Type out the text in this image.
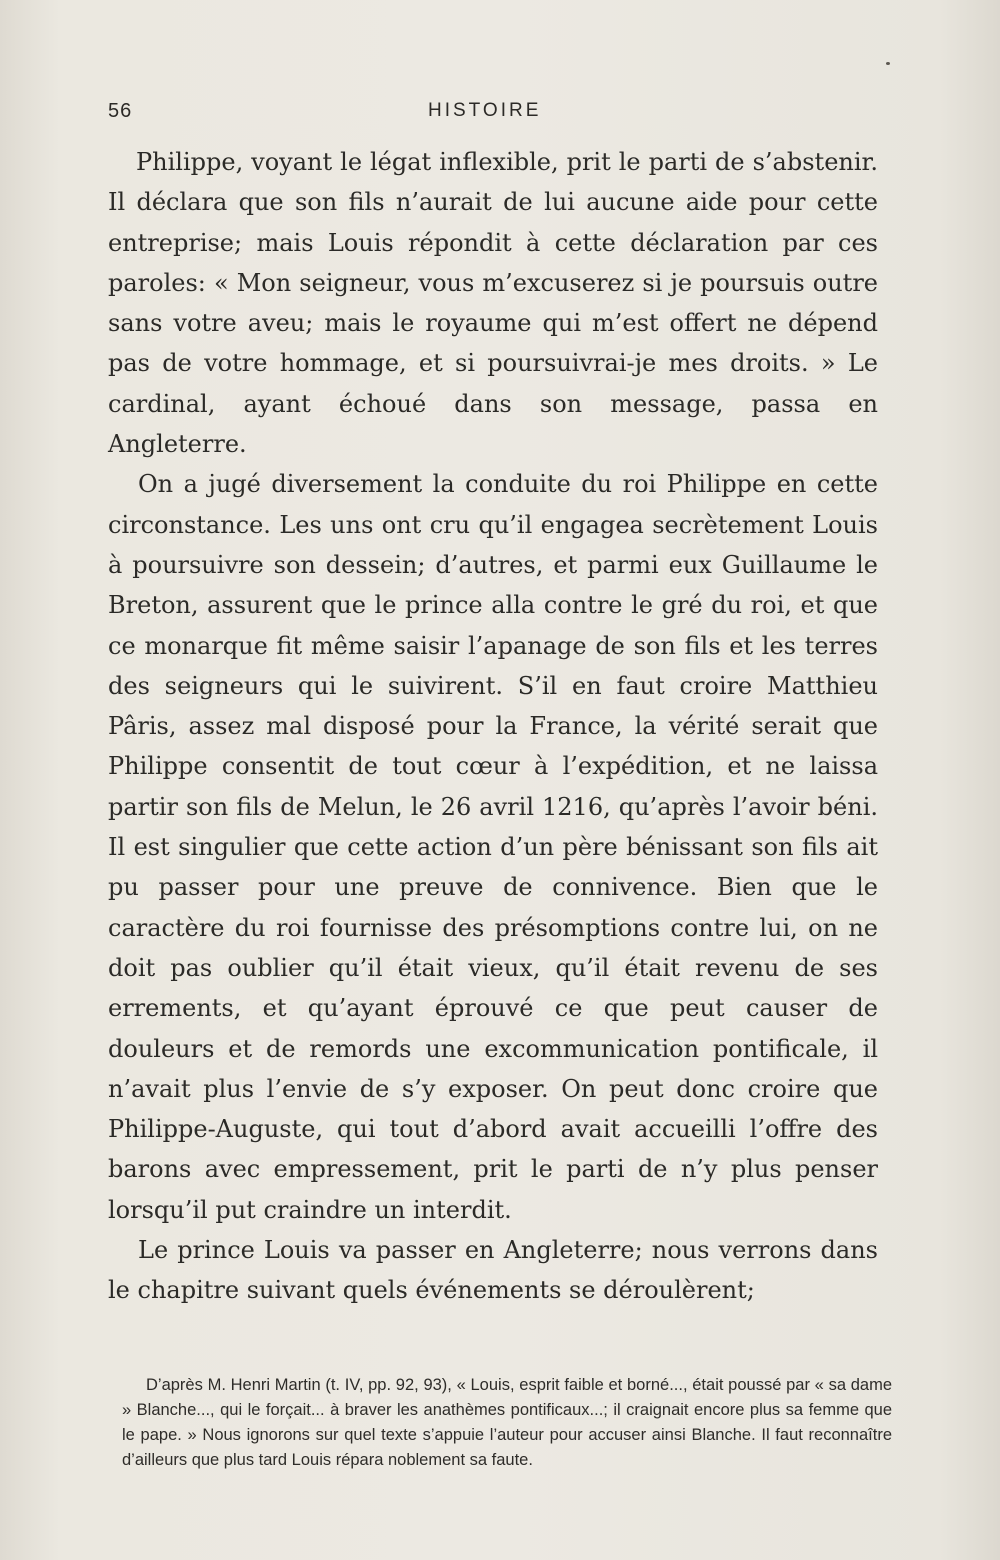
56	HISTOIRE

Philippe, voyant le légat inflexible, prit le parti de s’abstenir. Il déclara que son fils n’aurait de lui aucune aide pour cette entreprise; mais Louis répondit à cette déclaration par ces paroles: « Mon seigneur, vous m’excuserez si je poursuis outre sans votre aveu; mais le royaume qui m’est offert ne dépend pas de votre hommage, et si poursuivrai-je mes droits. » Le cardinal, ayant échoué dans son message, passa en Angleterre.

On a jugé diversement la conduite du roi Philippe en cette circonstance. Les uns ont cru qu’il engagea secrètement Louis à poursuivre son dessein; d’autres, et parmi eux Guillaume le Breton, assurent que le prince alla contre le gré du roi, et que ce monarque fit même saisir l’apanage de son fils et les terres des seigneurs qui le suivirent. S’il en faut croire Matthieu Pâris, assez mal disposé pour la France, la vérité serait que Philippe consentit de tout cœur à l’expédition, et ne laissa partir son fils de Melun, le 26 avril 1216, qu’après l’avoir béni. Il est singulier que cette action d’un père bénissant son fils ait pu passer pour une preuve de connivence. Bien que le caractère du roi fournisse des présomptions contre lui, on ne doit pas oublier qu’il était vieux, qu’il était revenu de ses errements, et qu’ayant éprouvé ce que peut causer de douleurs et de remords une excommunication pontificale, il n’avait plus l’envie de s’y exposer. On peut donc croire que Philippe-Auguste, qui tout d’abord avait accueilli l’offre des barons avec empressement, prit le parti de n’y plus penser lorsqu’il put craindre un interdit.

Le prince Louis va passer en Angleterre; nous verrons dans le chapitre suivant quels événements se déroulèrent;

D’après M. Henri Martin (t. IV, pp. 92, 93), « Louis, esprit faible et borné..., était poussé par « sa dame » Blanche..., qui le forçait... à braver les anathèmes pontificaux...; il craignait encore plus sa femme que le pape. » Nous ignorons sur quel texte s’appuie l’auteur pour accuser ainsi Blanche. Il faut reconnaître d’ailleurs que plus tard Louis répara noblement sa faute.
